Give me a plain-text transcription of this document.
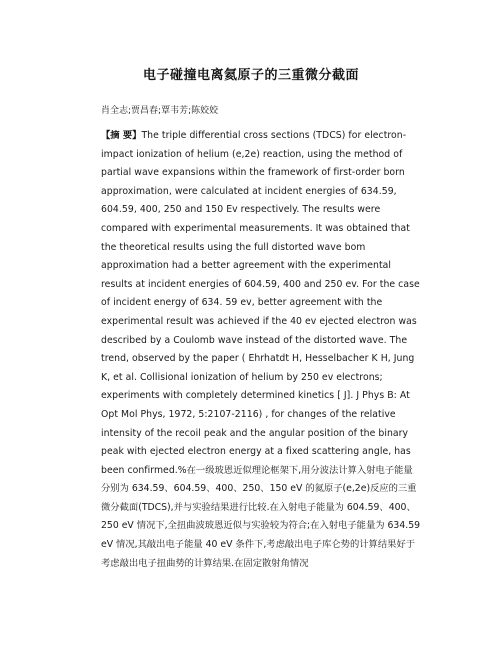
电子碰撞电离氦原子的三重微分截面
肖全志;贾昌春;覃韦芳;陈姣姣

【摘 要】The triple differential cross sections (TDCS) for electron-impact ionization of helium (e,2e) reaction, using the method of partial wave expansions within the framework of first-order born approximation, were calculated at incident energies of 634.59, 604.59, 400, 250 and 150 Ev respectively. The results were compared with experimental measurements. It was obtained that the theoretical results using the full distorted wave bom approximation had a better agreement with the experimental results at incident energies of 604.59, 400 and 250 ev. For the case of incident energy of 634. 59 ev, better agreement with the experimental result was achieved if the 40 ev ejected electron was described by a Coulomb wave instead of the distorted wave. The trend, observed by the paper ( Ehrhatdt H, Hesselbacher K H, Jung K, et al. Collisional ionization of helium by 250 ev electrons; experiments with completely determined kinetics [ J]. J Phys B: At Opt Mol Phys, 1972, 5:2107-2116) , for changes of the relative intensity of the recoil peak and the angular position of the binary peak with ejected electron energy at a fixed scattering angle, has been confirmed.%在一级玻恩近似理论框架下,用分波法计算入射电子能量分别为 634.59、604.59、400、250、150 eV 的氦原子(e,2e)反应的三重微分截面(TDCS),并与实验结果进行比较.在入射电子能量为 604.59、400、250 eV 情况下,全扭曲波玻恩近似与实验较为符合;在入射电子能量为 634.59 eV 情况,其敲出电子能量 40 eV 条件下,考虑敲出电子库仑势的计算结果好于考虑敲出电子扭曲势的计算结果.在固定散射角情况
